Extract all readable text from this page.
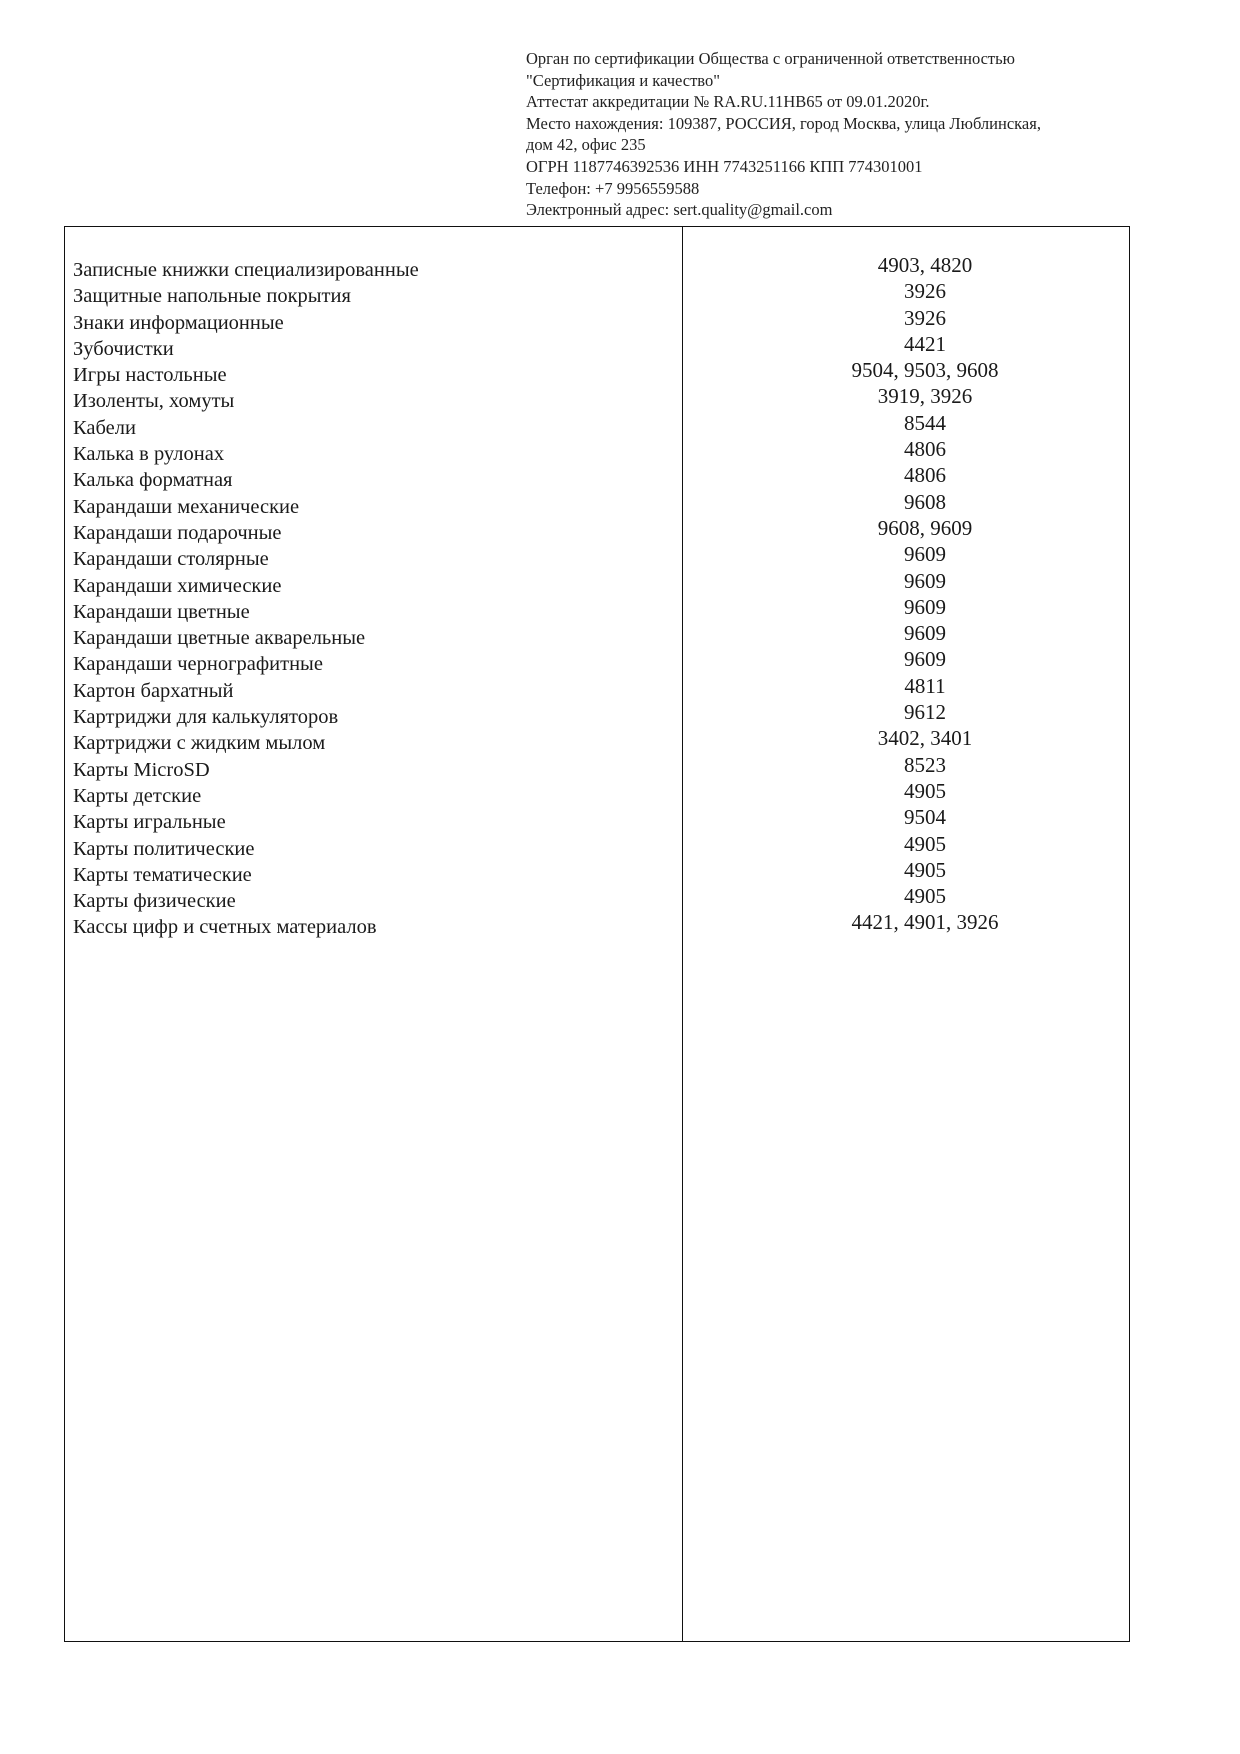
Орган по сертификации Общества с ограниченной ответственностью
"Сертификация и качество"
Аттестат аккредитации № RA.RU.11НВ65 от 09.01.2020г.
Место нахождения: 109387, РОССИЯ, город Москва, улица Люблинская,
дом 42, офис 235
ОГРН 1187746392536 ИНН 7743251166 КПП 774301001
Телефон: +7 9956559588
Электронный адрес: sert.quality@gmail.com
Записные книжки специализированные	4903, 4820
Защитные напольные покрытия	3926
Знаки информационные	3926
Зубочистки	4421
Игры настольные	9504, 9503, 9608
Изоленты, хомуты	3919, 3926
Кабели	8544
Калька в рулонах	4806
Калька форматная	4806
Карандаши механические	9608
Карандаши подарочные	9608, 9609
Карандаши столярные	9609
Карандаши химические	9609
Карандаши цветные	9609
Карандаши цветные акварельные	9609
Карандаши чернографитные	9609
Картон бархатный	4811
Картриджи для калькуляторов	9612
Картриджи с жидким мылом	3402, 3401
Карты MicroSD	8523
Карты детские	4905
Карты игральные	9504
Карты политические	4905
Карты тематические	4905
Карты физические	4905
Кассы цифр и счетных материалов	4421, 4901, 3926
